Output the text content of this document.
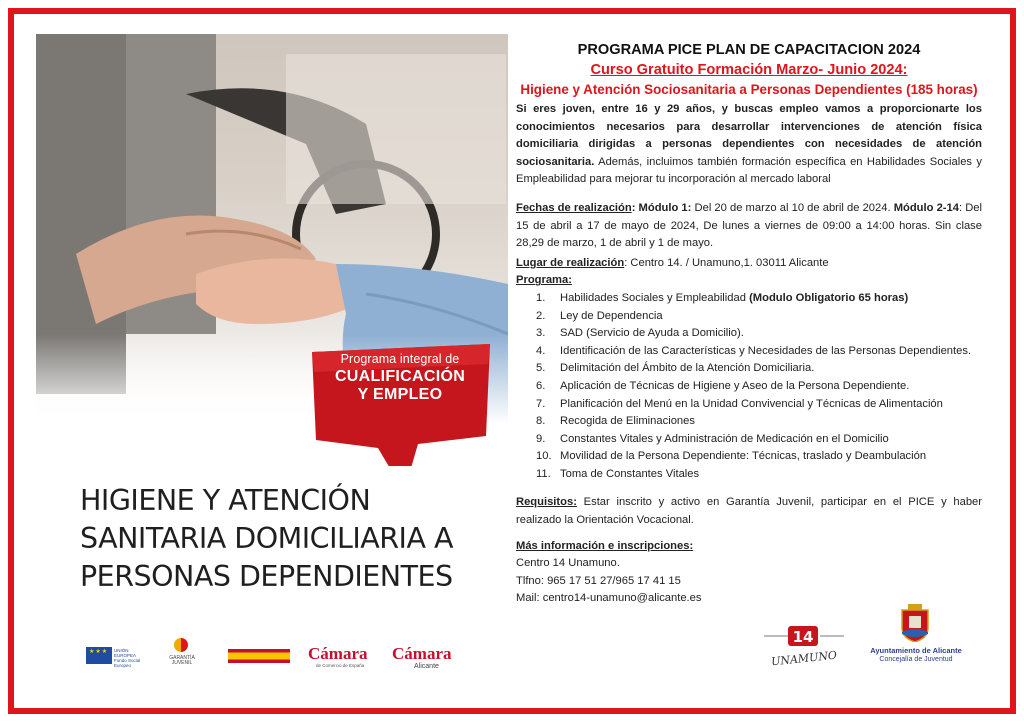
Programa integral de
CUALIFICACIÓN
Y EMPLEO
HIGIENE Y ATENCIÓN
SANITARIA DOMICILIARIA A
PERSONAS DEPENDIENTES
★★★
UNIÓN EUROPEA Fondo Social Europeo
GARANTÍA JUVENIL	Cámara
de Comercio de España
Cámara
Alicante
PROGRAMA PICE PLAN DE CAPACITACION 2024
Curso Gratuito Formación Marzo- Junio 2024:
Higiene y Atención Sociosanitaria a Personas Dependientes (185 horas)
Si eres joven, entre 16 y 29 años, y buscas empleo vamos a proporcionarte los conocimientos necesarios para desarrollar intervenciones de atención física domiciliaria dirigidas a personas dependientes con necesidades de atención sociosanitaria. Además, incluimos también formación específica en Habilidades Sociales y Empleabilidad para mejorar tu incorporación al mercado laboral
Fechas de realización: Módulo 1: Del 20 de marzo al 10 de abril de 2024. Módulo 2-14: Del 15 de abril a 17 de mayo de 2024, De lunes a viernes de 09:00 a 14:00 horas. Sin clase 28,29 de marzo, 1 de abril y 1 de mayo.
Lugar de realización: Centro 14. / Unamuno,1. 03011 Alicante
Programa:
1. Habilidades Sociales y Empleabilidad (Modulo Obligatorio 65 horas)
2. Ley de Dependencia
3. SAD (Servicio de Ayuda a Domicilio).
4. Identificación de las Características y Necesidades de las Personas Dependientes.
5. Delimitación del Ámbito de la Atención Domiciliaria.
6. Aplicación de Técnicas de Higiene y Aseo de la Persona Dependiente.
7. Planificación del Menú en la Unidad Convivencial y Técnicas de Alimentación
8. Recogida de Eliminaciones
9. Constantes Vitales y Administración de Medicación en el Domicilio
10. Movilidad de la Persona Dependiente: Técnicas, traslado y Deambulación
11. Toma de Constantes Vitales
Requisitos: Estar inscrito y activo en Garantía Juvenil, participar en el PICE y haber realizado la Orientación Vocacional.
Más información e inscripciones:
Centro 14 Unamuno.
Tlfno: 965 17 51 27/965 17 41 15
Mail: centro14-unamuno@alicante.es
14
UNAMUNO	Ayuntamiento de Alicante
Concejalía de Juventud
